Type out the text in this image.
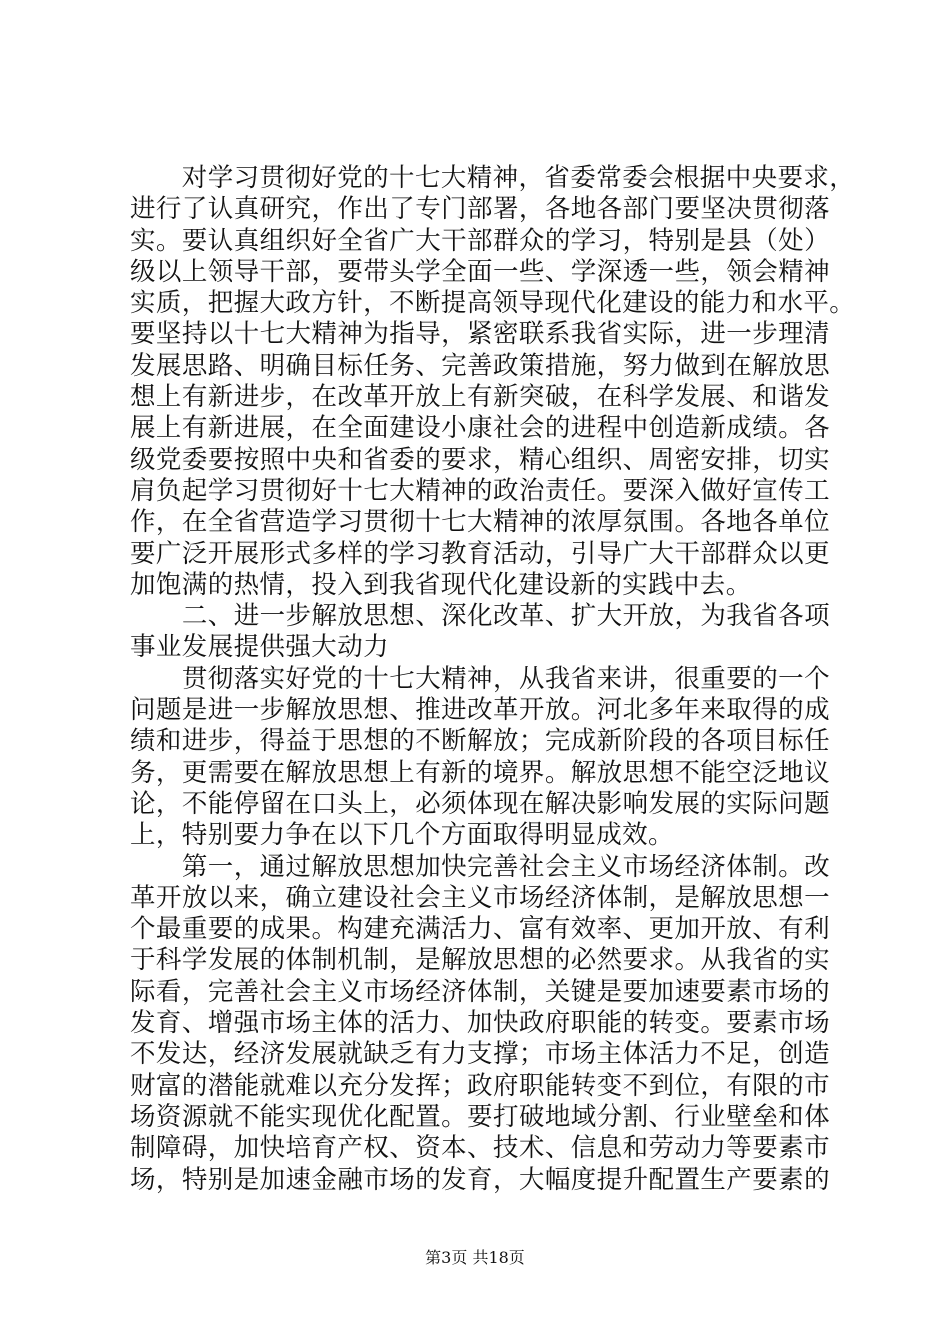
　　对学习贯彻好党的十七大精神，省委常委会根据中央要求，
进行了认真研究，作出了专门部署，各地各部门要坚决贯彻落
实。要认真组织好全省广大干部群众的学习，特别是县（处）
级以上领导干部，要带头学全面一些、学深透一些，领会精神
实质，把握大政方针，不断提高领导现代化建设的能力和水平。
要坚持以十七大精神为指导，紧密联系我省实际，进一步理清
发展思路、明确目标任务、完善政策措施，努力做到在解放思
想上有新进步，在改革开放上有新突破，在科学发展、和谐发
展上有新进展，在全面建设小康社会的进程中创造新成绩。各
级党委要按照中央和省委的要求，精心组织、周密安排，切实
肩负起学习贯彻好十七大精神的政治责任。要深入做好宣传工
作，在全省营造学习贯彻十七大精神的浓厚氛围。各地各单位
要广泛开展形式多样的学习教育活动，引导广大干部群众以更
加饱满的热情，投入到我省现代化建设新的实践中去。
　　二、进一步解放思想、深化改革、扩大开放，为我省各项
事业发展提供强大动力
　　贯彻落实好党的十七大精神，从我省来讲，很重要的一个
问题是进一步解放思想、推进改革开放。河北多年来取得的成
绩和进步，得益于思想的不断解放；完成新阶段的各项目标任
务，更需要在解放思想上有新的境界。解放思想不能空泛地议
论，不能停留在口头上，必须体现在解决影响发展的实际问题
上，特别要力争在以下几个方面取得明显成效。
　　第一，通过解放思想加快完善社会主义市场经济体制。改
革开放以来，确立建设社会主义市场经济体制，是解放思想一
个最重要的成果。构建充满活力、富有效率、更加开放、有利
于科学发展的体制机制，是解放思想的必然要求。从我省的实
际看，完善社会主义市场经济体制，关键是要加速要素市场的
发育、增强市场主体的活力、加快政府职能的转变。要素市场
不发达，经济发展就缺乏有力支撑；市场主体活力不足，创造
财富的潜能就难以充分发挥；政府职能转变不到位，有限的市
场资源就不能实现优化配置。要打破地域分割、行业壁垒和体
制障碍，加快培育产权、资本、技术、信息和劳动力等要素市
场，特别是加速金融市场的发育，大幅度提升配置生产要素的
第3页 共18页
